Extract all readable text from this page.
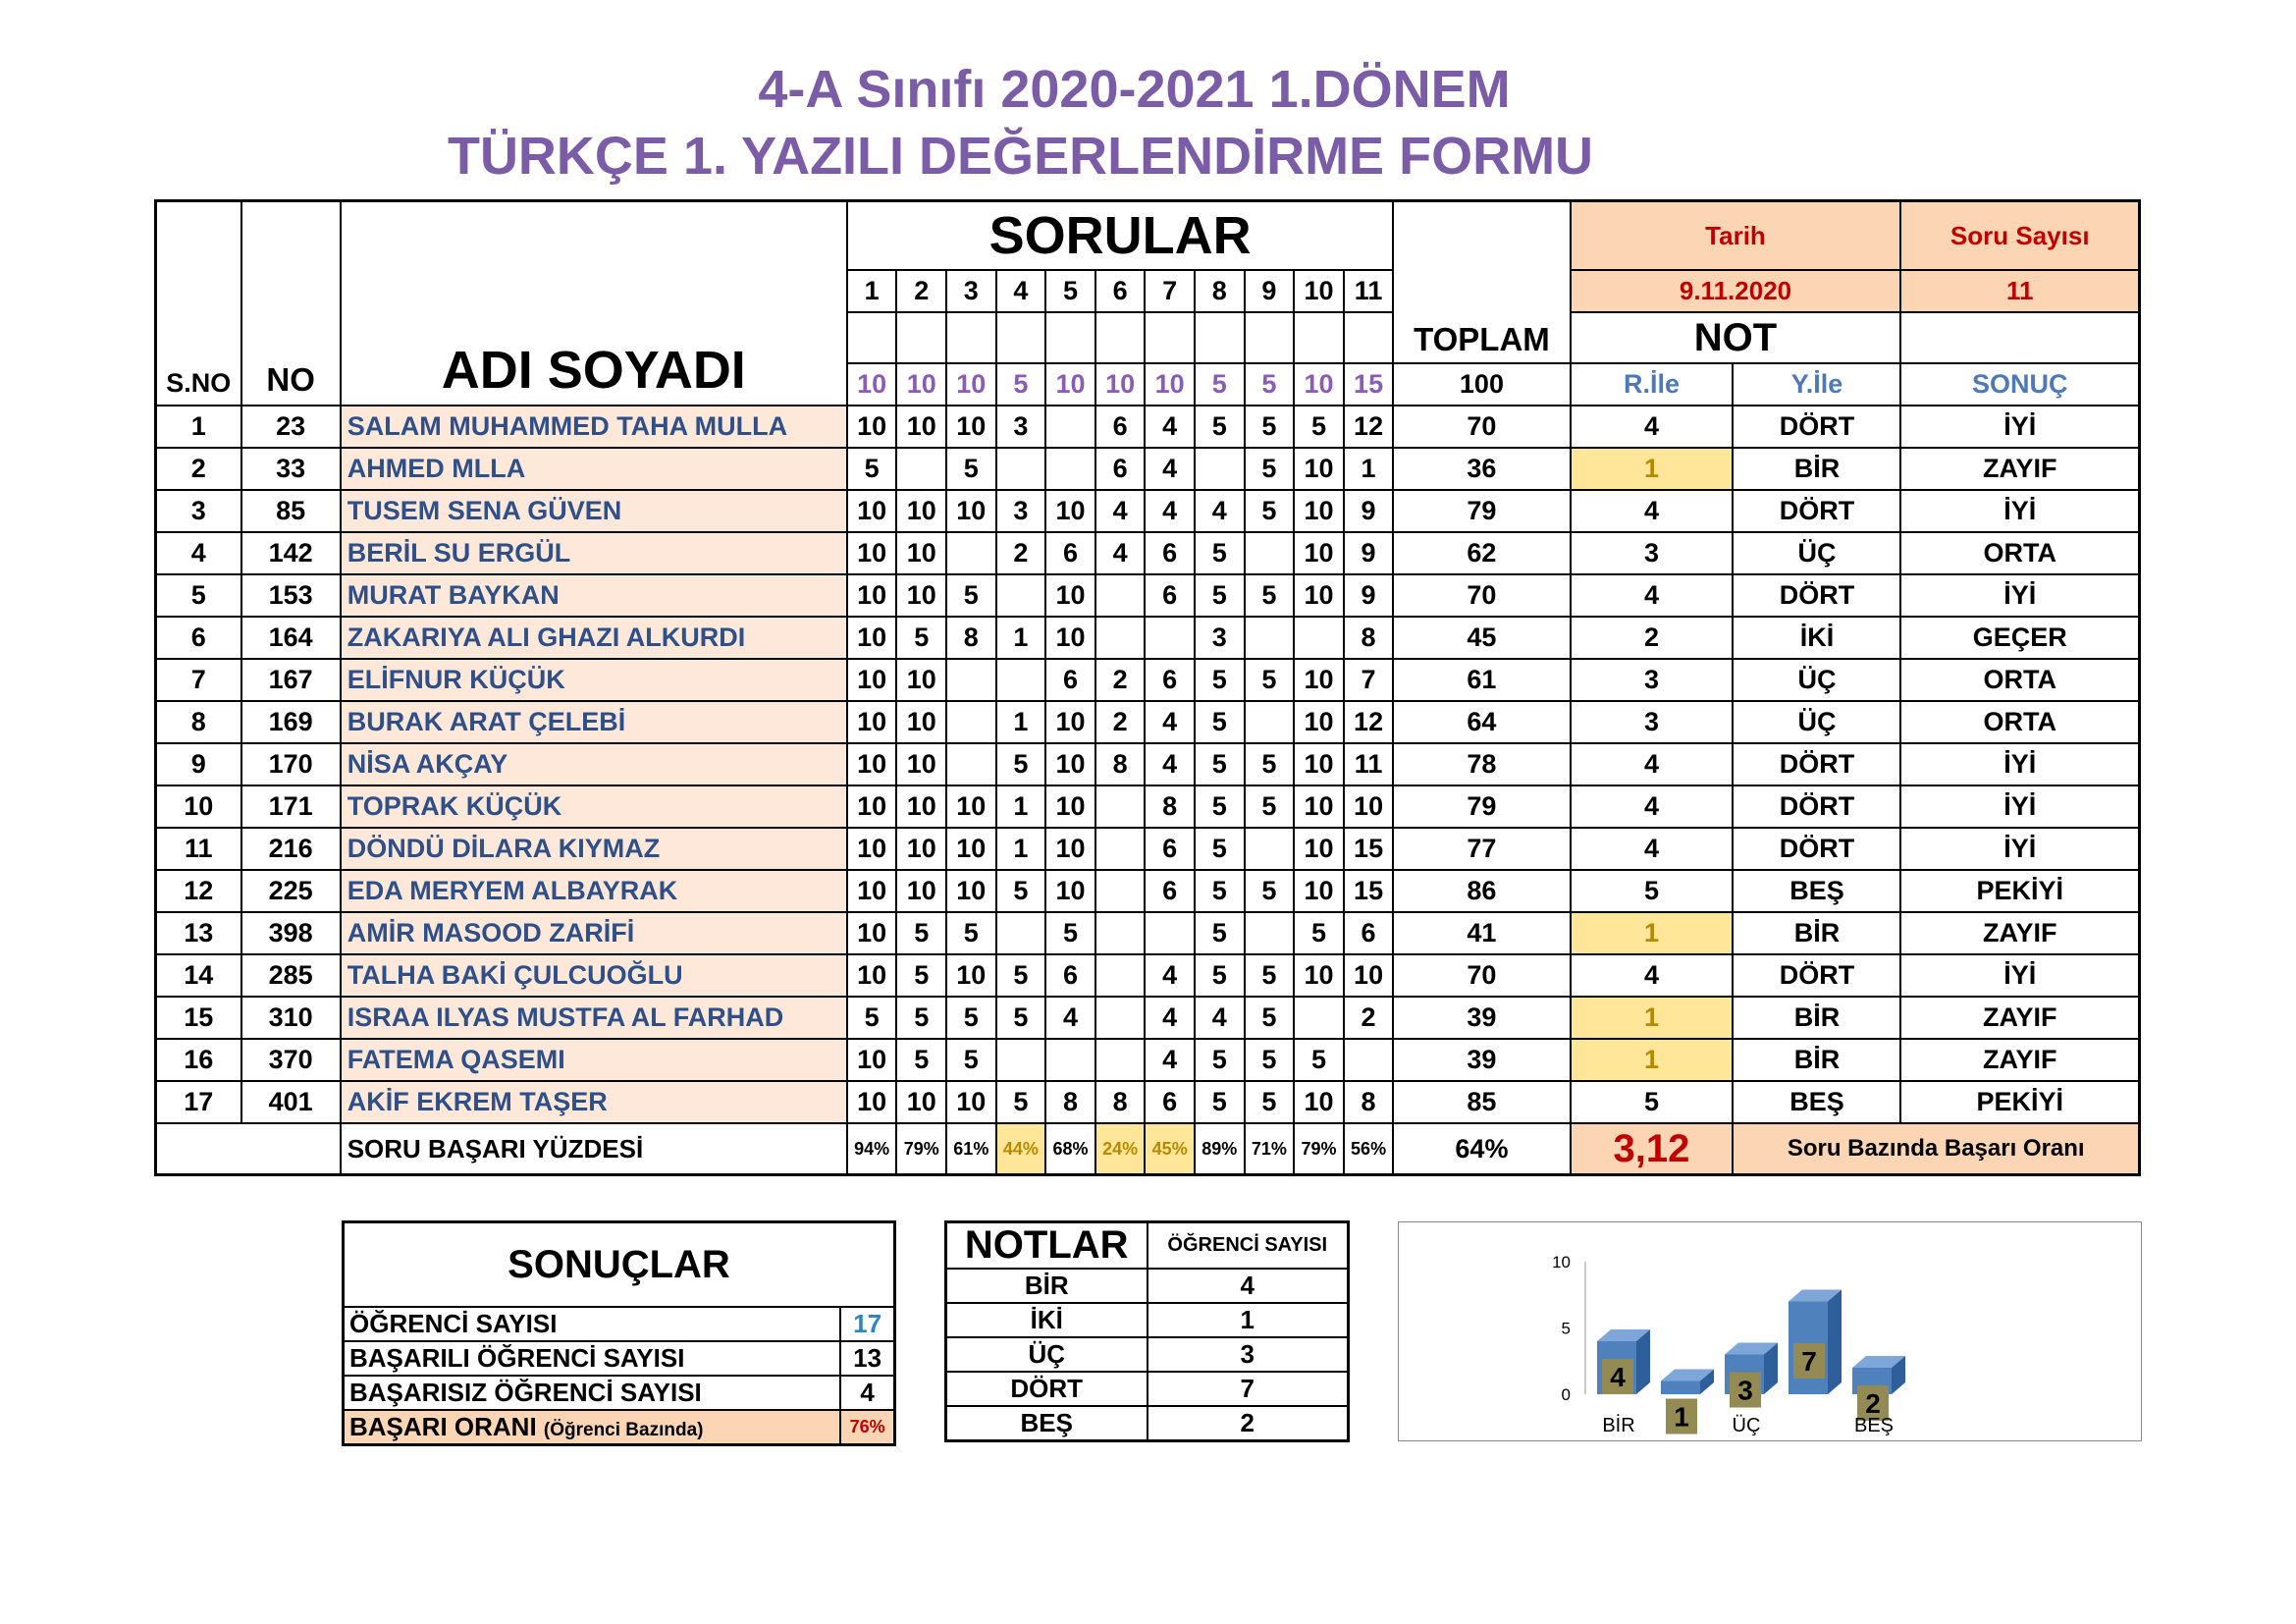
4-A Sınıfı 2020-2021 1.DÖNEM
TÜRKÇE 1. YAZILI DEĞERLENDİRME FORMU
S.NO	NO	ADI SOYADI	SORULAR											TOPLAM	Tarih		Soru Sayısı
			1	2	3	4	5	6	7	8	9	10	11		9.11.2020		11
															NOT		
			10	10	10	5	10	10	10	5	5	10	15	100	R.İle	Y.İle	SONUÇ
1	23	SALAM MUHAMMED TAHA MULLA	10	10	10	3		6	4	5	5	5	12	70	4	DÖRT	İYİ
2	33	AHMED MLLA	5		5			6	4		5	10	1	36	1	BİR	ZAYIF
3	85	TUSEM SENA GÜVEN	10	10	10	3	10	4	4	4	5	10	9	79	4	DÖRT	İYİ
4	142	BERİL SU ERGÜL	10	10		2	6	4	6	5		10	9	62	3	ÜÇ	ORTA
5	153	MURAT BAYKAN	10	10	5		10		6	5	5	10	9	70	4	DÖRT	İYİ
6	164	ZAKARIYA ALI GHAZI ALKURDI	10	5	8	1	10			3			8	45	2	İKİ	GEÇER
7	167	ELİFNUR KÜÇÜK	10	10			6	2	6	5	5	10	7	61	3	ÜÇ	ORTA
8	169	BURAK ARAT ÇELEBİ	10	10		1	10	2	4	5		10	12	64	3	ÜÇ	ORTA
9	170	NİSA AKÇAY	10	10		5	10	8	4	5	5	10	11	78	4	DÖRT	İYİ
10	171	TOPRAK KÜÇÜK	10	10	10	1	10		8	5	5	10	10	79	4	DÖRT	İYİ
11	216	DÖNDÜ DİLARA KIYMAZ	10	10	10	1	10		6	5		10	15	77	4	DÖRT	İYİ
12	225	EDA MERYEM ALBAYRAK	10	10	10	5	10		6	5	5	10	15	86	5	BEŞ	PEKİYİ
13	398	AMİR MASOOD ZARİFİ	10	5	5		5			5		5	6	41	1	BİR	ZAYIF
14	285	TALHA BAKİ ÇULCUOĞLU	10	5	10	5	6		4	5	5	10	10	70	4	DÖRT	İYİ
15	310	ISRAA ILYAS MUSTFA AL FARHAD	5	5	5	5	4		4	4	5		2	39	1	BİR	ZAYIF
16	370	FATEMA QASEMI	10	5	5				4	5	5	5		39	1	BİR	ZAYIF
17	401	AKİF EKREM TAŞER	10	10	10	5	8	8	6	5	5	10	8	85	5	BEŞ	PEKİYİ
		SORU BAŞARI YÜZDESİ	94%	79%	61%	44%	68%	24%	45%	89%	71%	79%	56%	64%	3,12	Soru Bazında Başarı Oranı	
SONUÇLAR	
ÖĞRENCİ SAYISI	17
BAŞARILI ÖĞRENCİ SAYISI	13
BAŞARISIZ ÖĞRENCİ SAYISI	4
BAŞARI ORANI (Öğrenci Bazında)	76%
NOTLAR	ÖĞRENCİ SAYISI
BİR	4
İKİ	1
ÜÇ	3
DÖRT	7
BEŞ	2
0
5
10
4
1
3
7
2
BİR	ÜÇ	BEŞ
